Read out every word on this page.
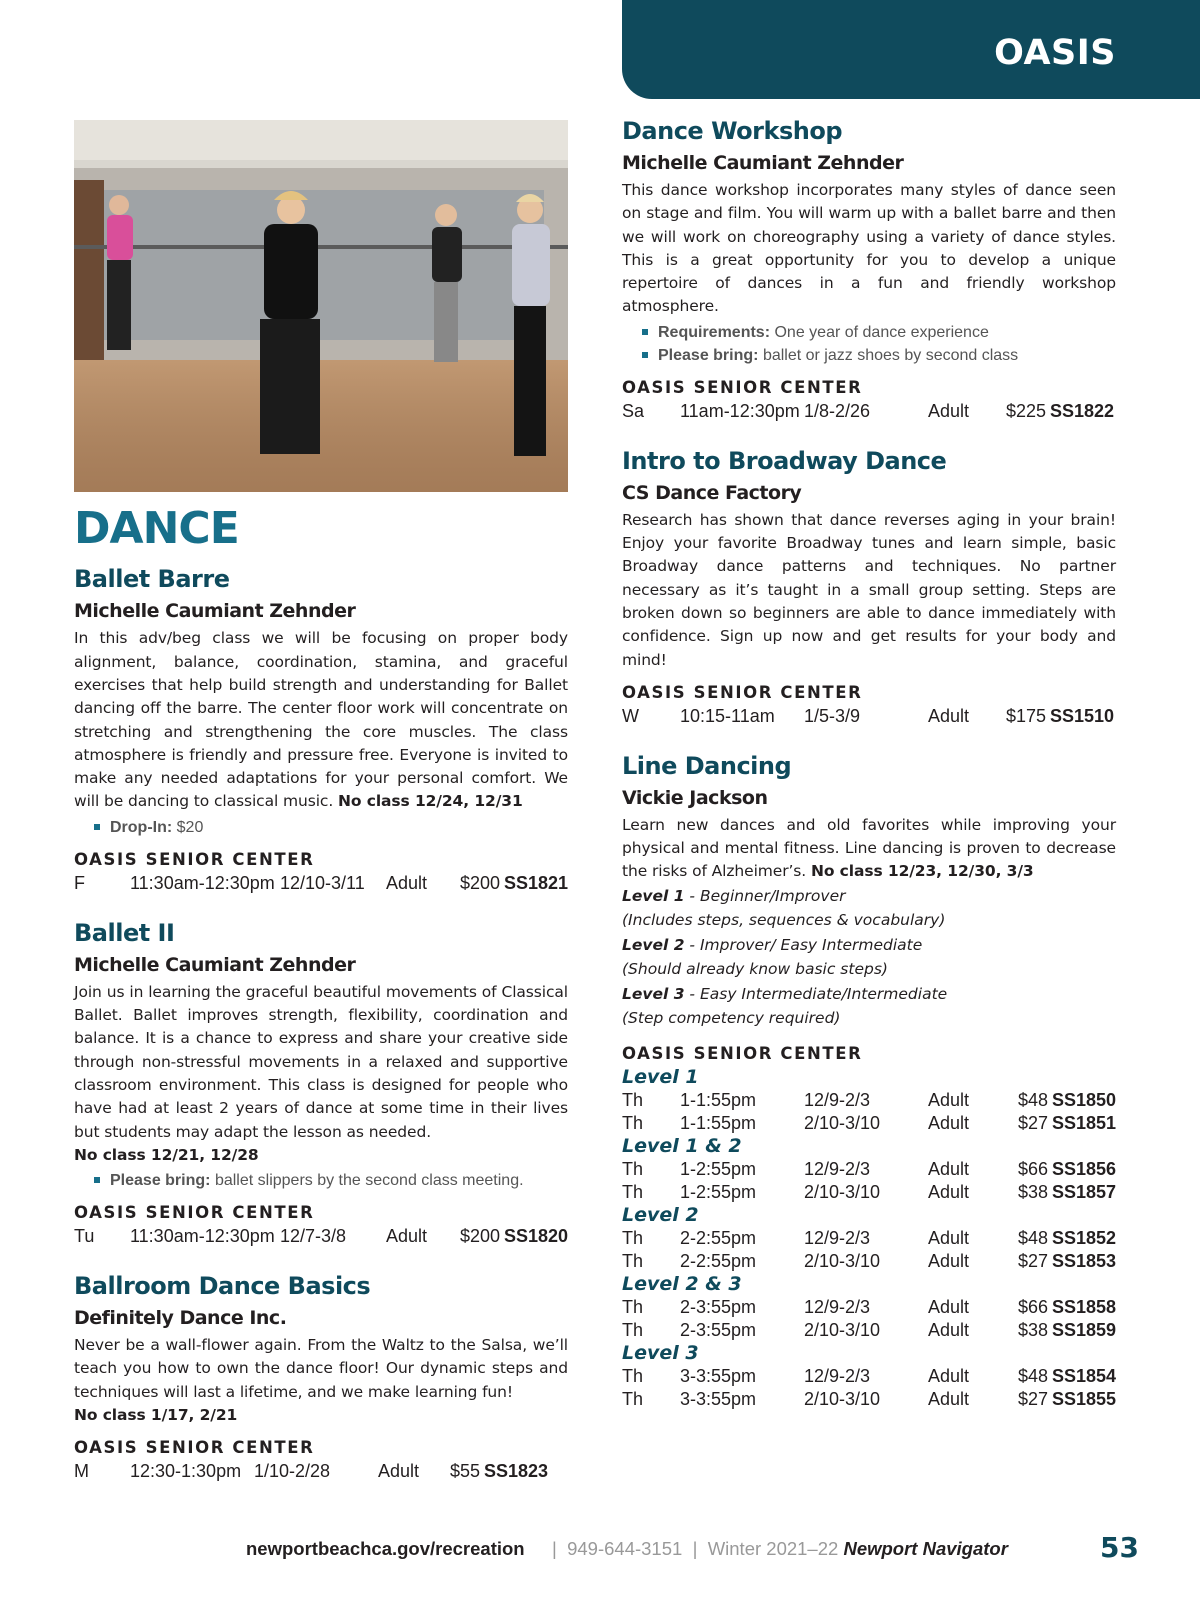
OASIS
DANCE
Ballet Barre
Michelle Caumiant Zehnder
In this adv/beg class we will be focusing on proper body alignment, balance, coordination, stamina, and graceful exercises that help build strength and understanding for Ballet dancing off the barre. The center floor work will concentrate on stretching and strengthening the core muscles. The class atmosphere is friendly and pressure free. Everyone is invited to make any needed adaptations for your personal comfort. We will be dancing to classical music. No class 12/24, 12/31
Drop-In: $20
OASIS SENIOR CENTER
F	11:30am-12:30pm 12/10-3/11	Adult	$200 SS1821
Ballet II
Michelle Caumiant Zehnder
Join us in learning the graceful beautiful movements of Classical Ballet. Ballet improves strength, flexibility, coordination and balance. It is a chance to express and share your creative side through non-stressful movements in a relaxed and supportive classroom environment. This class is designed for people who have had at least 2 years of dance at some time in their lives but students may adapt the lesson as needed.
No class 12/21, 12/28
Please bring: ballet slippers by the second class meeting.
OASIS SENIOR CENTER
Tu	11:30am-12:30pm 12/7-3/8	Adult	$200 SS1820
Ballroom Dance Basics
Definitely Dance Inc.
Never be a wall-flower again. From the Waltz to the Salsa, we’ll teach you how to own the dance floor! Our dynamic steps and techniques will last a lifetime, and we make learning fun!
No class 1/17, 2/21
OASIS SENIOR CENTER
M	12:30-1:30pm 1/10-2/28	Adult	$55 SS1823
Dance Workshop
Michelle Caumiant Zehnder
This dance workshop incorporates many styles of dance seen on stage and film. You will warm up with a ballet barre and then we will work on choreography using a variety of dance styles. This is a great opportunity for you to develop a unique repertoire of dances in a fun and friendly workshop atmosphere.
Requirements: One year of dance experience
Please bring: ballet or jazz shoes by second class
OASIS SENIOR CENTER
Sa	11am-12:30pm 1/8-2/26	Adult	$225 SS1822
Intro to Broadway Dance
CS Dance Factory
Research has shown that dance reverses aging in your brain! Enjoy your favorite Broadway tunes and learn simple, basic Broadway dance patterns and techniques. No partner necessary as it’s taught in a small group setting. Steps are broken down so beginners are able to dance immediately with confidence. Sign up now and get results for your body and mind!
OASIS SENIOR CENTER
W	10:15-11am	1/5-3/9	Adult	$175 SS1510
Line Dancing
Vickie Jackson
Learn new dances and old favorites while improving your physical and mental fitness. Line dancing is proven to decrease the risks of Alzheimer’s. No class 12/23, 12/30, 3/3
Level 1 - Beginner/Improver
(Includes steps, sequences & vocabulary)
Level 2 - Improver/ Easy Intermediate
(Should already know basic steps)
Level 3 - Easy Intermediate/Intermediate
(Step competency required)
OASIS SENIOR CENTER
Level 1
Th	1-1:55pm	12/9-2/3	Adult	$48 SS1850
Th	1-1:55pm	2/10-3/10	Adult	$27 SS1851
Level 1 & 2
Th	1-2:55pm	12/9-2/3	Adult	$66 SS1856
Th	1-2:55pm	2/10-3/10	Adult	$38 SS1857
Level 2
Th	2-2:55pm	12/9-2/3	Adult	$48 SS1852
Th	2-2:55pm	2/10-3/10	Adult	$27 SS1853
Level 2 & 3
Th	2-3:55pm	12/9-2/3	Adult	$66 SS1858
Th	2-3:55pm	2/10-3/10	Adult	$38 SS1859
Level 3
Th	3-3:55pm	12/9-2/3	Adult	$48 SS1854
Th	3-3:55pm	2/10-3/10	Adult	$27 SS1855
newportbeachca.gov/recreation | 949-644-3151 | Winter 2021–22 Newport Navigator	53
